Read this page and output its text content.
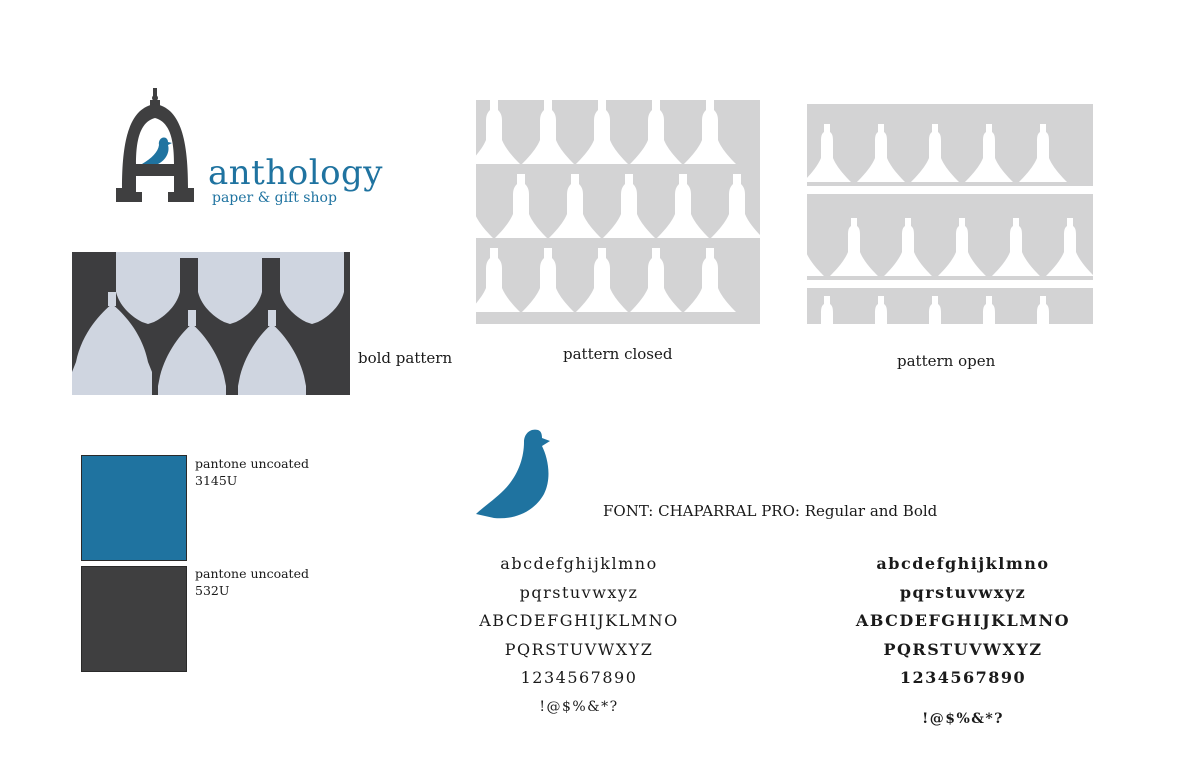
anthology
paper & gift shop
bold pattern	pattern closed	pattern open
pantone uncoated
3145U
pantone uncoated
532U
FONT: CHAPARRAL PRO: Regular and Bold
abcdefghijklmno
pqrstuvwxyz
ABCDEFGHIJKLMNO
PQRSTUVWXYZ
1234567890
!@$%&*?
abcdefghijklmno
pqrstuvwxyz
ABCDEFGHIJKLMNO
PQRSTUVWXYZ
1234567890
!@$%&*?
